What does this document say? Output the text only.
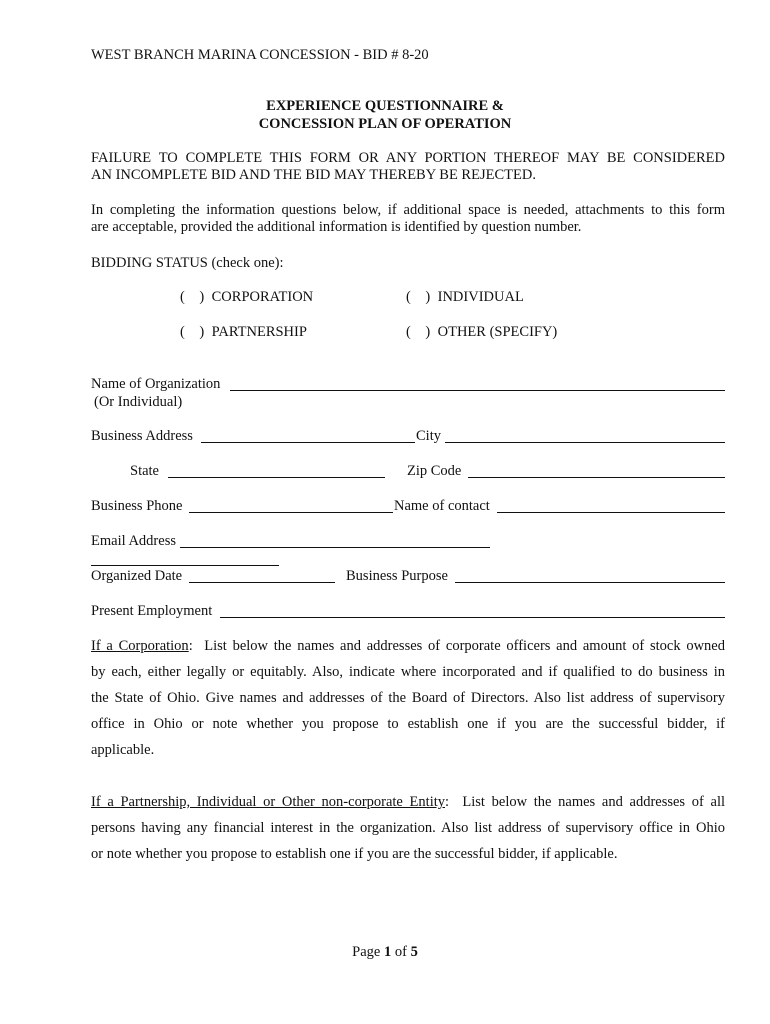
WEST BRANCH MARINA CONCESSION - BID # 8-20
EXPERIENCE QUESTIONNAIRE &
CONCESSION PLAN OF OPERATION
FAILURE TO COMPLETE THIS FORM OR ANY PORTION THEREOF MAY BE CONSIDERED
AN INCOMPLETE BID AND THE BID MAY THEREBY BE REJECTED.
In completing the information questions below, if additional space is needed, attachments to this form
are acceptable, provided the additional information is identified by question number.
BIDDING STATUS (check one):
( ) CORPORATION	( ) INDIVIDUAL
( ) PARTNERSHIP	( ) OTHER (SPECIFY)
Name of Organization
(Or Individual)
Business Address	City
State	Zip Code
Business Phone	Name of contact
Email Address
Organized Date	Business Purpose
Present Employment
If a Corporation:  List below the names and addresses of corporate officers and amount of stock owned
by each, either legally or equitably. Also, indicate where incorporated and if qualified to do business in
the State of Ohio. Give names and addresses of the Board of Directors. Also list address of supervisory
office in Ohio or note whether you propose to establish one if you are the successful bidder, if
applicable.
If a Partnership, Individual or Other non-corporate Entity:  List below the names and addresses of all
persons having any financial interest in the organization. Also list address of supervisory office in Ohio
or note whether you propose to establish one if you are the successful bidder, if applicable.
Page 1 of 5
